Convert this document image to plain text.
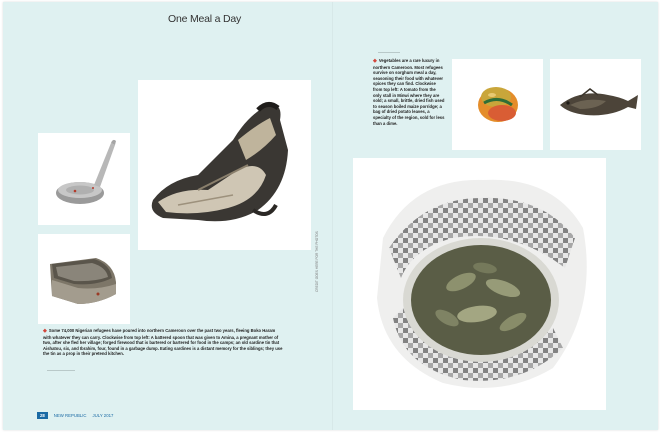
One Meal a Day
◆ Some 74,000 Nigerian refugees have poured into northern Cameroon over the past two years, fleeing Boko Haram with whatever they can carry. Clockwise from top left: A battered spoon that was given to Amina, a pregnant mother of two, after she fled her village; forged firewood that is bartered or bartered for food in the camps; an old sardine tin that Aishatou, six, and Ibrahim, four, found in a garbage dump. Eating sardines is a distant memory for the siblings; they use the tin as a prop in their pretend kitchen.
◆ Vegetables are a rare luxury in northern Cameroon. Most refugees survive on sorghum meal a day, seasoning their food with whatever spices they can find. Clockwise from top left: A tomato from the only stall in Minwi where they are sold; a small, brittle, dried fish used to season boiled maize porridge; a bag of dried potato leaves, a specialty of the region, sold for less than a dime.
CREDIT GOES HERE FOR THE PHOTOS
28	NEW REPUBLIC JULY 2017
